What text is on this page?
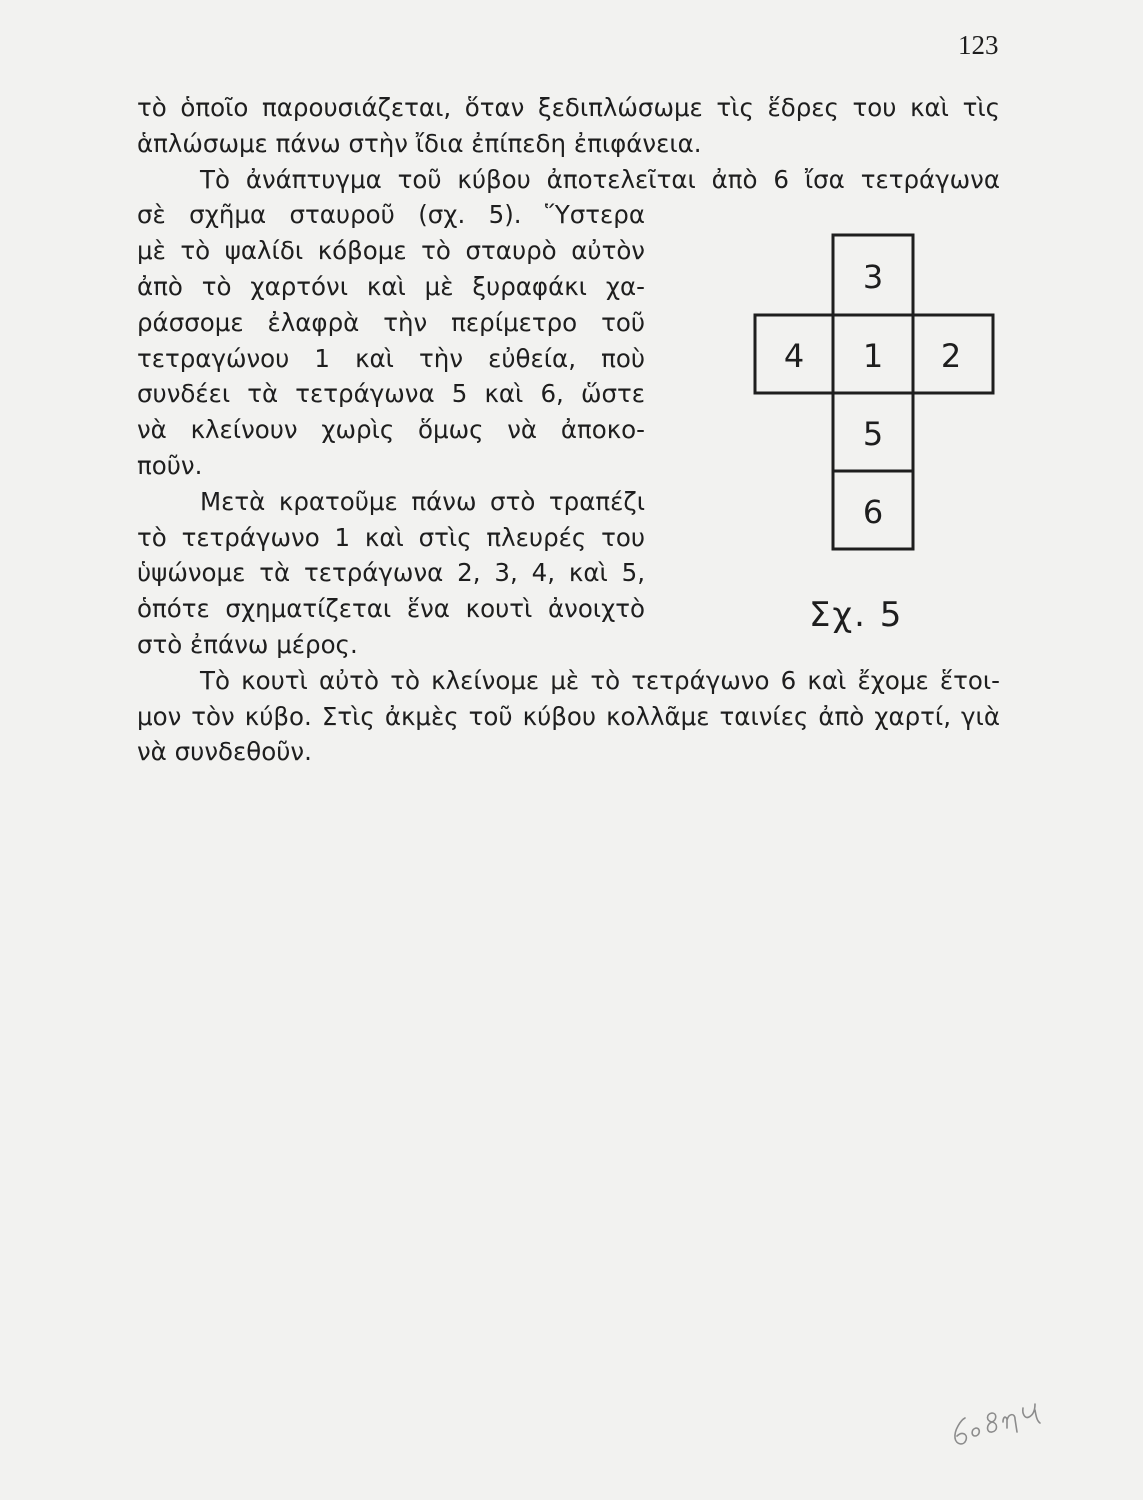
123
τὸ ὁποῖο παρουσιάζεται, ὅταν ξεδιπλώσωμε τὶς ἕδρες του καὶ τὶς
ἁπλώσωμε πάνω στὴν ἴδια ἐπίπεδη ἐπιφάνεια.
Τὸ ἀνάπτυγμα τοῦ κύβου ἀποτελεῖται ἀπὸ 6 ἴσα τετράγωνα
σὲ σχῆμα σταυροῦ (σχ. 5). Ὕστερα
μὲ τὸ ψαλίδι κόβομε τὸ σταυρὸ αὐτὸν
ἀπὸ τὸ χαρτόνι καὶ μὲ ξυραφάκι χα-
ράσσομε ἐλαφρὰ τὴν περίμετρο τοῦ
τετραγώνου 1 καὶ τὴν εὐθεία, ποὺ
συνδέει τὰ τετράγωνα 5 καὶ 6, ὥστε
νὰ κλείνουν χωρὶς ὅμως νὰ ἀποκο-
ποῦν.
Μετὰ κρατοῦμε πάνω στὸ τραπέζι
τὸ τετράγωνο 1 καὶ στὶς πλευρές του
ὑψώνομε τὰ τετράγωνα 2, 3, 4, καὶ 5,
ὁπότε σχηματίζεται ἕνα κουτὶ ἀνοιχτὸ
στὸ ἐπάνω μέρος.
Τὸ κουτὶ αὐτὸ τὸ κλείνομε μὲ τὸ τετράγωνο 6 καὶ ἔχομε ἕτοι-
μον τὸν κύβο. Στὶς ἀκμὲς τοῦ κύβου κολλᾶμε ταινίες ἀπὸ χαρτί, γιὰ
νὰ συνδεθοῦν.
3
4 1 2
5
6
Σχ. 5
